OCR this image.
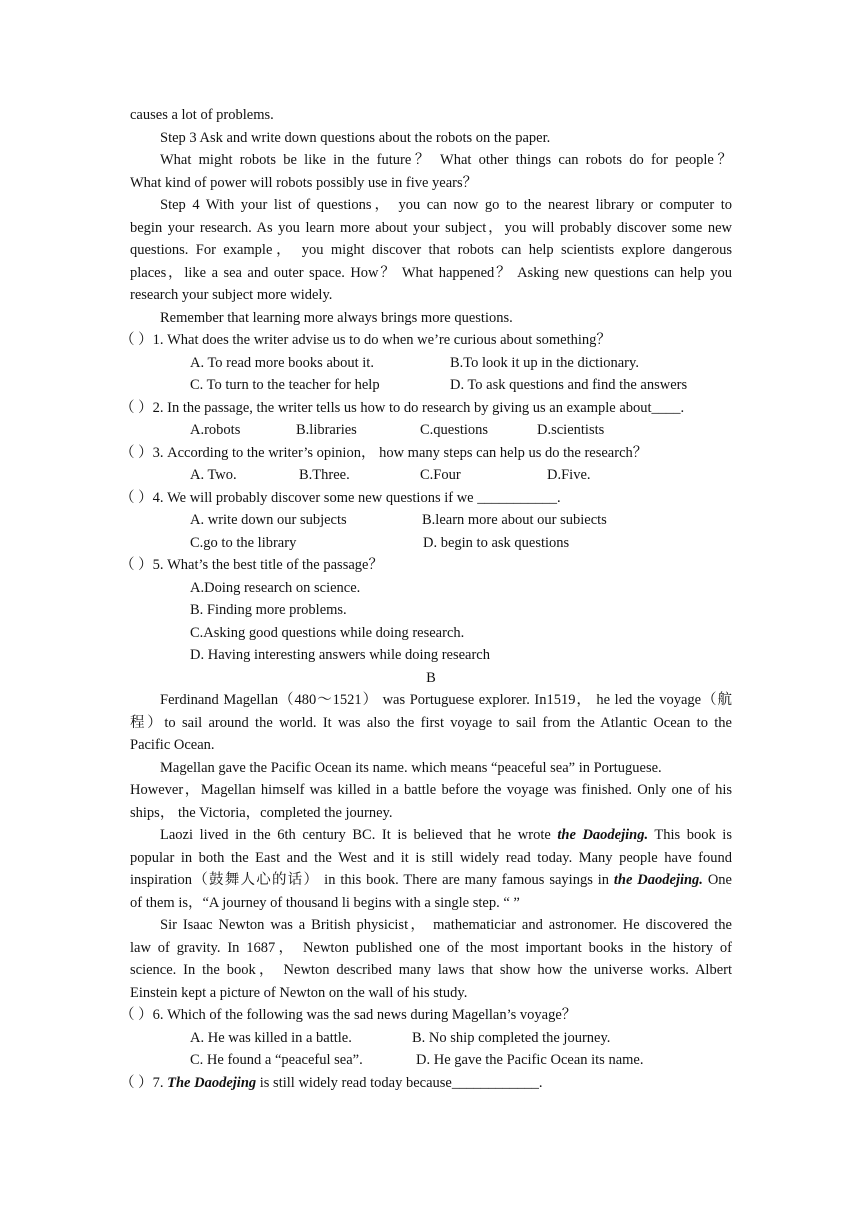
causes a lot of problems.
Step 3 Ask and write down questions about the robots on the paper.
What might robots be like in the future？ What other things can robots do for people？
What kind of power will robots possibly use in five years？
Step 4 With your list of questions， you can now go to the nearest library or computer to
begin your research. As you learn more about your subject，you will probably discover some new
questions. For example， you might discover that robots can help scientists explore dangerous
places，like a sea and outer space. How？ What happened？ Asking new questions can help you
research your subject more widely.
Remember that learning more always brings more questions.
（ ）1. What does the writer advise us to do when we’re curious about something？
A. To read more books about it.	B.To look it up in the dictionary.
C. To turn to the teacher for help	D. To ask questions and find the answers
（ ）2. In the passage, the writer tells us how to do research by giving us an example about____.
A.robots	B.libraries	C.questions	D.scientists
（ ）3. According to the writer’s opinion， how many steps can help us do the research？
A. Two.	B.Three.	C.Four	D.Five.
（ ）4. We will probably discover some new questions if we ___________.
A. write down our subjects	B.learn more about our subiects
C.go to the library	D. begin to ask questions
（ ）5. What’s the best title of the passage？
A.Doing research on science.
B. Finding more problems.
C.Asking good questions while doing research.
D. Having interesting answers while doing research
B
Ferdinand Magellan（480～1521） was Portuguese explorer. In1519， he led the voyage（航
程）to sail around the world. It was also the first voyage to sail from the Atlantic Ocean to the
Pacific Ocean.
Magellan gave the Pacific Ocean its name. which means “peaceful sea” in Portuguese.
However，Magellan himself was killed in a battle before the voyage was finished. Only one of his
ships， the Victoria，completed the journey.
Laozi lived in the 6th century BC. It is believed that he wrote the Daodejing. This book is
popular in both the East and the West and it is still widely read today. Many people have found
inspiration（鼓舞人心的话） in this book. There are many famous sayings in the Daodejing. One
of them is，“A journey of thousand li begins with a single step. “ ”
Sir Isaac Newton was a British physicist， mathematiciar and astronomer. He discovered the
law of gravity. In 1687， Newton published one of the most important books in the history of
science. In the book， Newton described many laws that show how the universe works. Albert
Einstein kept a picture of Newton on the wall of his study.
（ ）6. Which of the following was the sad news during Magellan’s voyage？
A. He was killed in a battle.	B. No ship completed the journey.
C. He found a “peaceful sea”.	D. He gave the Pacific Ocean its name.
（ ）7. The Daodejing is still widely read today because____________.
